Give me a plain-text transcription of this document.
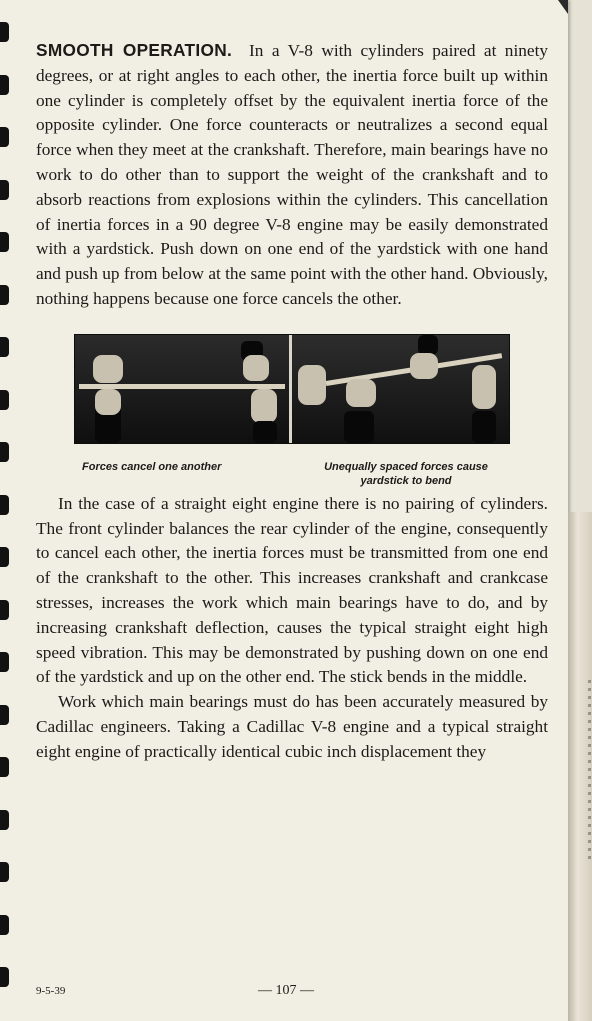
SMOOTH OPERATION. In a V-8 with cylinders paired at ninety degrees, or at right angles to each other, the inertia force built up within one cylinder is completely offset by the equivalent inertia force of the opposite cylinder. One force counteracts or neutralizes a second equal force when they meet at the crankshaft. Therefore, main bearings have no work to do other than to support the weight of the crankshaft and to absorb reactions from explosions within the cylinders. This cancellation of inertia forces in a 90 degree V-8 engine may be easily demonstrated with a yardstick. Push down on one end of the yardstick with one hand and push up from below at the same point with the other hand. Obviously, nothing happens because one force cancels the other.

Forces cancel one another	Unequally spaced forces cause yardstick to bend

In the case of a straight eight engine there is no pairing of cylinders. The front cylinder balances the rear cylinder of the engine, consequently to cancel each other, the inertia forces must be transmitted from one end of the crankshaft to the other. This increases crankshaft and crankcase stresses, increases the work which main bearings have to do, and by increasing crankshaft deflection, causes the typical straight eight high speed vibration. This may be demonstrated by pushing down on one end of the yardstick and up on the other end. The stick bends in the middle.

Work which main bearings must do has been accurately measured by Cadillac engineers. Taking a Cadillac V-8 engine and a typical straight eight engine of practically identical cubic inch displacement they

9-5-39	— 107 —
